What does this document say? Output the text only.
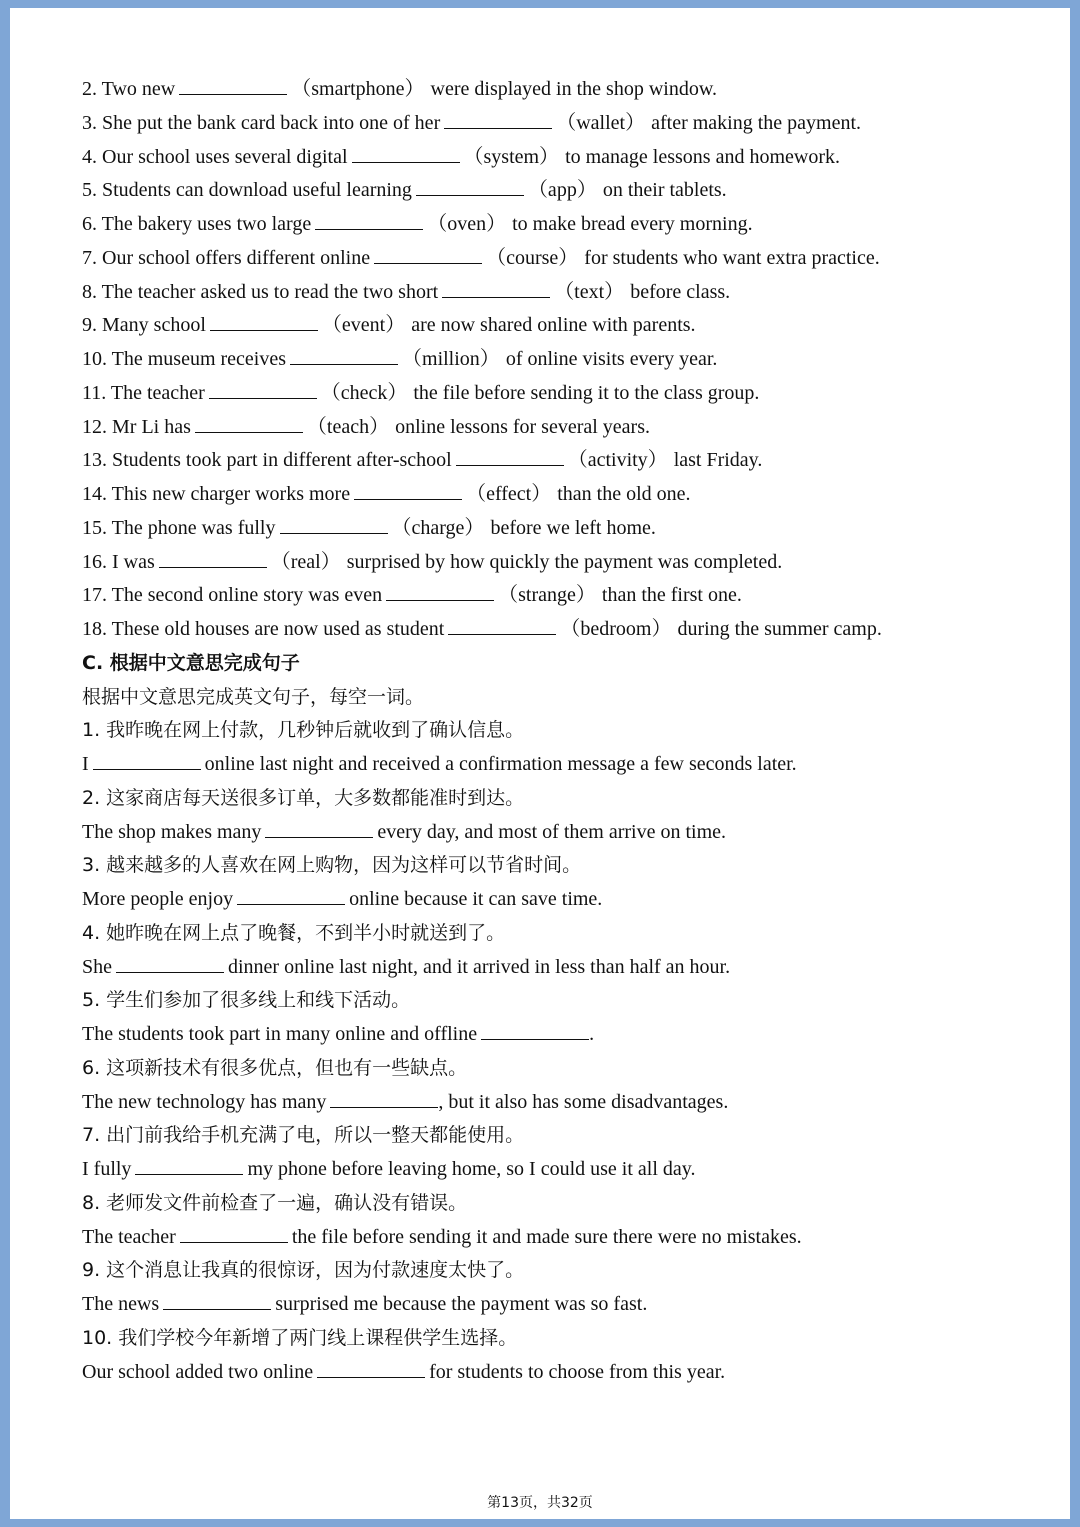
2. Two new	（smartphone） were displayed in the shop window.
3. She put the bank card back into one of her	（wallet） after making the payment.
4. Our school uses several digital	（system） to manage lessons and homework.
5. Students can download useful learning	（app） on their tablets.
6. The bakery uses two large	（oven） to make bread every morning.
7. Our school offers different online	（course） for students who want extra practice.
8. The teacher asked us to read the two short	（text） before class.
9. Many school	（event） are now shared online with parents.
10. The museum receives	（million） of online visits every year.
11. The teacher	（check） the file before sending it to the class group.
12. Mr Li has	（teach） online lessons for several years.
13. Students took part in different after-school	（activity） last Friday.
14. This new charger works more	（effect） than the old one.
15. The phone was fully	（charge） before we left home.
16. I was	（real） surprised by how quickly the payment was completed.
17. The second online story was even	（strange） than the first one.
18. These old houses are now used as student	（bedroom） during the summer camp.
C. 根据中文意思完成句子
根据中文意思完成英文句子，每空一词。
1. 我昨晚在网上付款，几秒钟后就收到了确认信息。
I	online last night and received a confirmation message a few seconds later.
2. 这家商店每天送很多订单，大多数都能准时到达。
The shop makes many	every day, and most of them arrive on time.
3. 越来越多的人喜欢在网上购物，因为这样可以节省时间。
More people enjoy	online because it can save time.
4. 她昨晚在网上点了晚餐，不到半小时就送到了。
She	dinner online last night, and it arrived in less than half an hour.
5. 学生们参加了很多线上和线下活动。
The students took part in many online and offline	.
6. 这项新技术有很多优点，但也有一些缺点。
The new technology has many	, but it also has some disadvantages.
7. 出门前我给手机充满了电，所以一整天都能使用。
I fully	my phone before leaving home, so I could use it all day.
8. 老师发文件前检查了一遍，确认没有错误。
The teacher	the file before sending it and made sure there were no mistakes.
9. 这个消息让我真的很惊讶，因为付款速度太快了。
The news	surprised me because the payment was so fast.
10. 我们学校今年新增了两门线上课程供学生选择。
Our school added two online	for students to choose from this year.
第13页，共32页
